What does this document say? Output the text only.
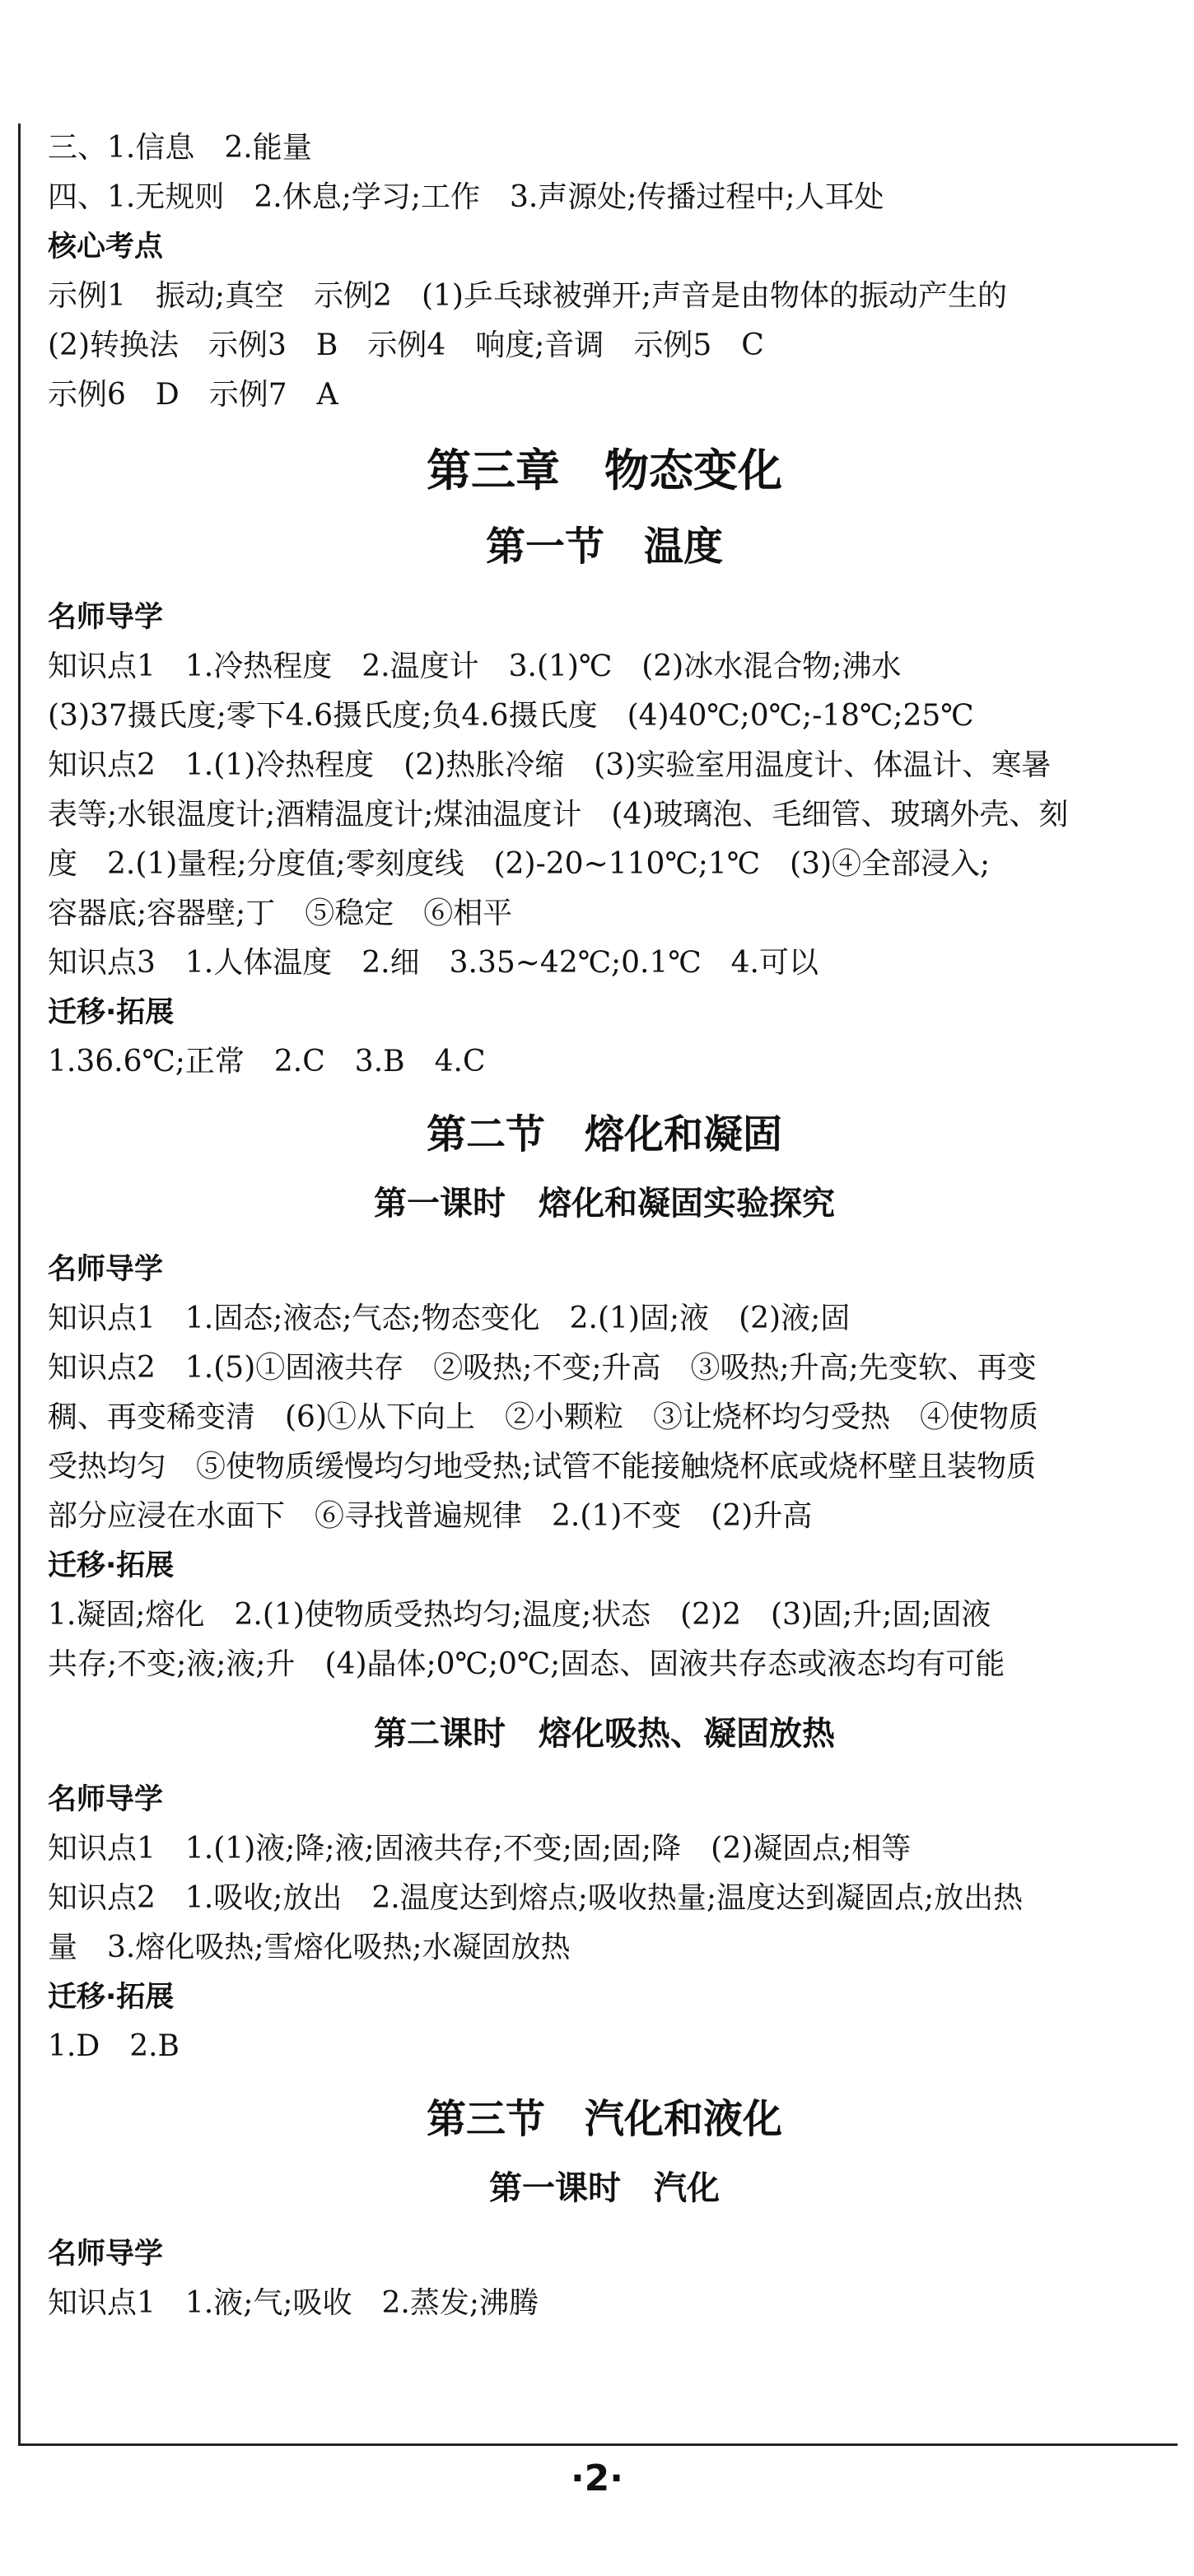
三、1.信息　2.能量
四、1.无规则　2.休息;学习;工作　3.声源处;传播过程中;人耳处
核心考点
示例1　振动;真空　示例2　(1)乒乓球被弹开;声音是由物体的振动产生的
(2)转换法　示例3　B　示例4　响度;音调　示例5　C
示例6　D　示例7　A
第三章　物态变化
第一节　温度
名师导学
知识点1　1.冷热程度　2.温度计　3.(1)℃　(2)冰水混合物;沸水
(3)37摄氏度;零下4.6摄氏度;负4.6摄氏度　(4)40℃;0℃;-18℃;25℃
知识点2　1.(1)冷热程度　(2)热胀冷缩　(3)实验室用温度计、体温计、寒暑
表等;水银温度计;酒精温度计;煤油温度计　(4)玻璃泡、毛细管、玻璃外壳、刻
度　2.(1)量程;分度值;零刻度线　(2)-20~110℃;1℃　(3)④全部浸入;
容器底;容器壁;丁　⑤稳定　⑥相平
知识点3　1.人体温度　2.细　3.35~42℃;0.1℃　4.可以
迁移·拓展
1.36.6℃;正常　2.C　3.B　4.C
第二节　熔化和凝固
第一课时　熔化和凝固实验探究
名师导学
知识点1　1.固态;液态;气态;物态变化　2.(1)固;液　(2)液;固
知识点2　1.(5)①固液共存　②吸热;不变;升高　③吸热;升高;先变软、再变
稠、再变稀变清　(6)①从下向上　②小颗粒　③让烧杯均匀受热　④使物质
受热均匀　⑤使物质缓慢均匀地受热;试管不能接触烧杯底或烧杯壁且装物质
部分应浸在水面下　⑥寻找普遍规律　2.(1)不变　(2)升高
迁移·拓展
1.凝固;熔化　2.(1)使物质受热均匀;温度;状态　(2)2　(3)固;升;固;固液
共存;不变;液;液;升　(4)晶体;0℃;0℃;固态、固液共存态或液态均有可能
第二课时　熔化吸热、凝固放热
名师导学
知识点1　1.(1)液;降;液;固液共存;不变;固;固;降　(2)凝固点;相等
知识点2　1.吸收;放出　2.温度达到熔点;吸收热量;温度达到凝固点;放出热
量　3.熔化吸热;雪熔化吸热;水凝固放热
迁移·拓展
1.D　2.B
第三节　汽化和液化
第一课时　汽化
名师导学
知识点1　1.液;气;吸收　2.蒸发;沸腾
·2·
